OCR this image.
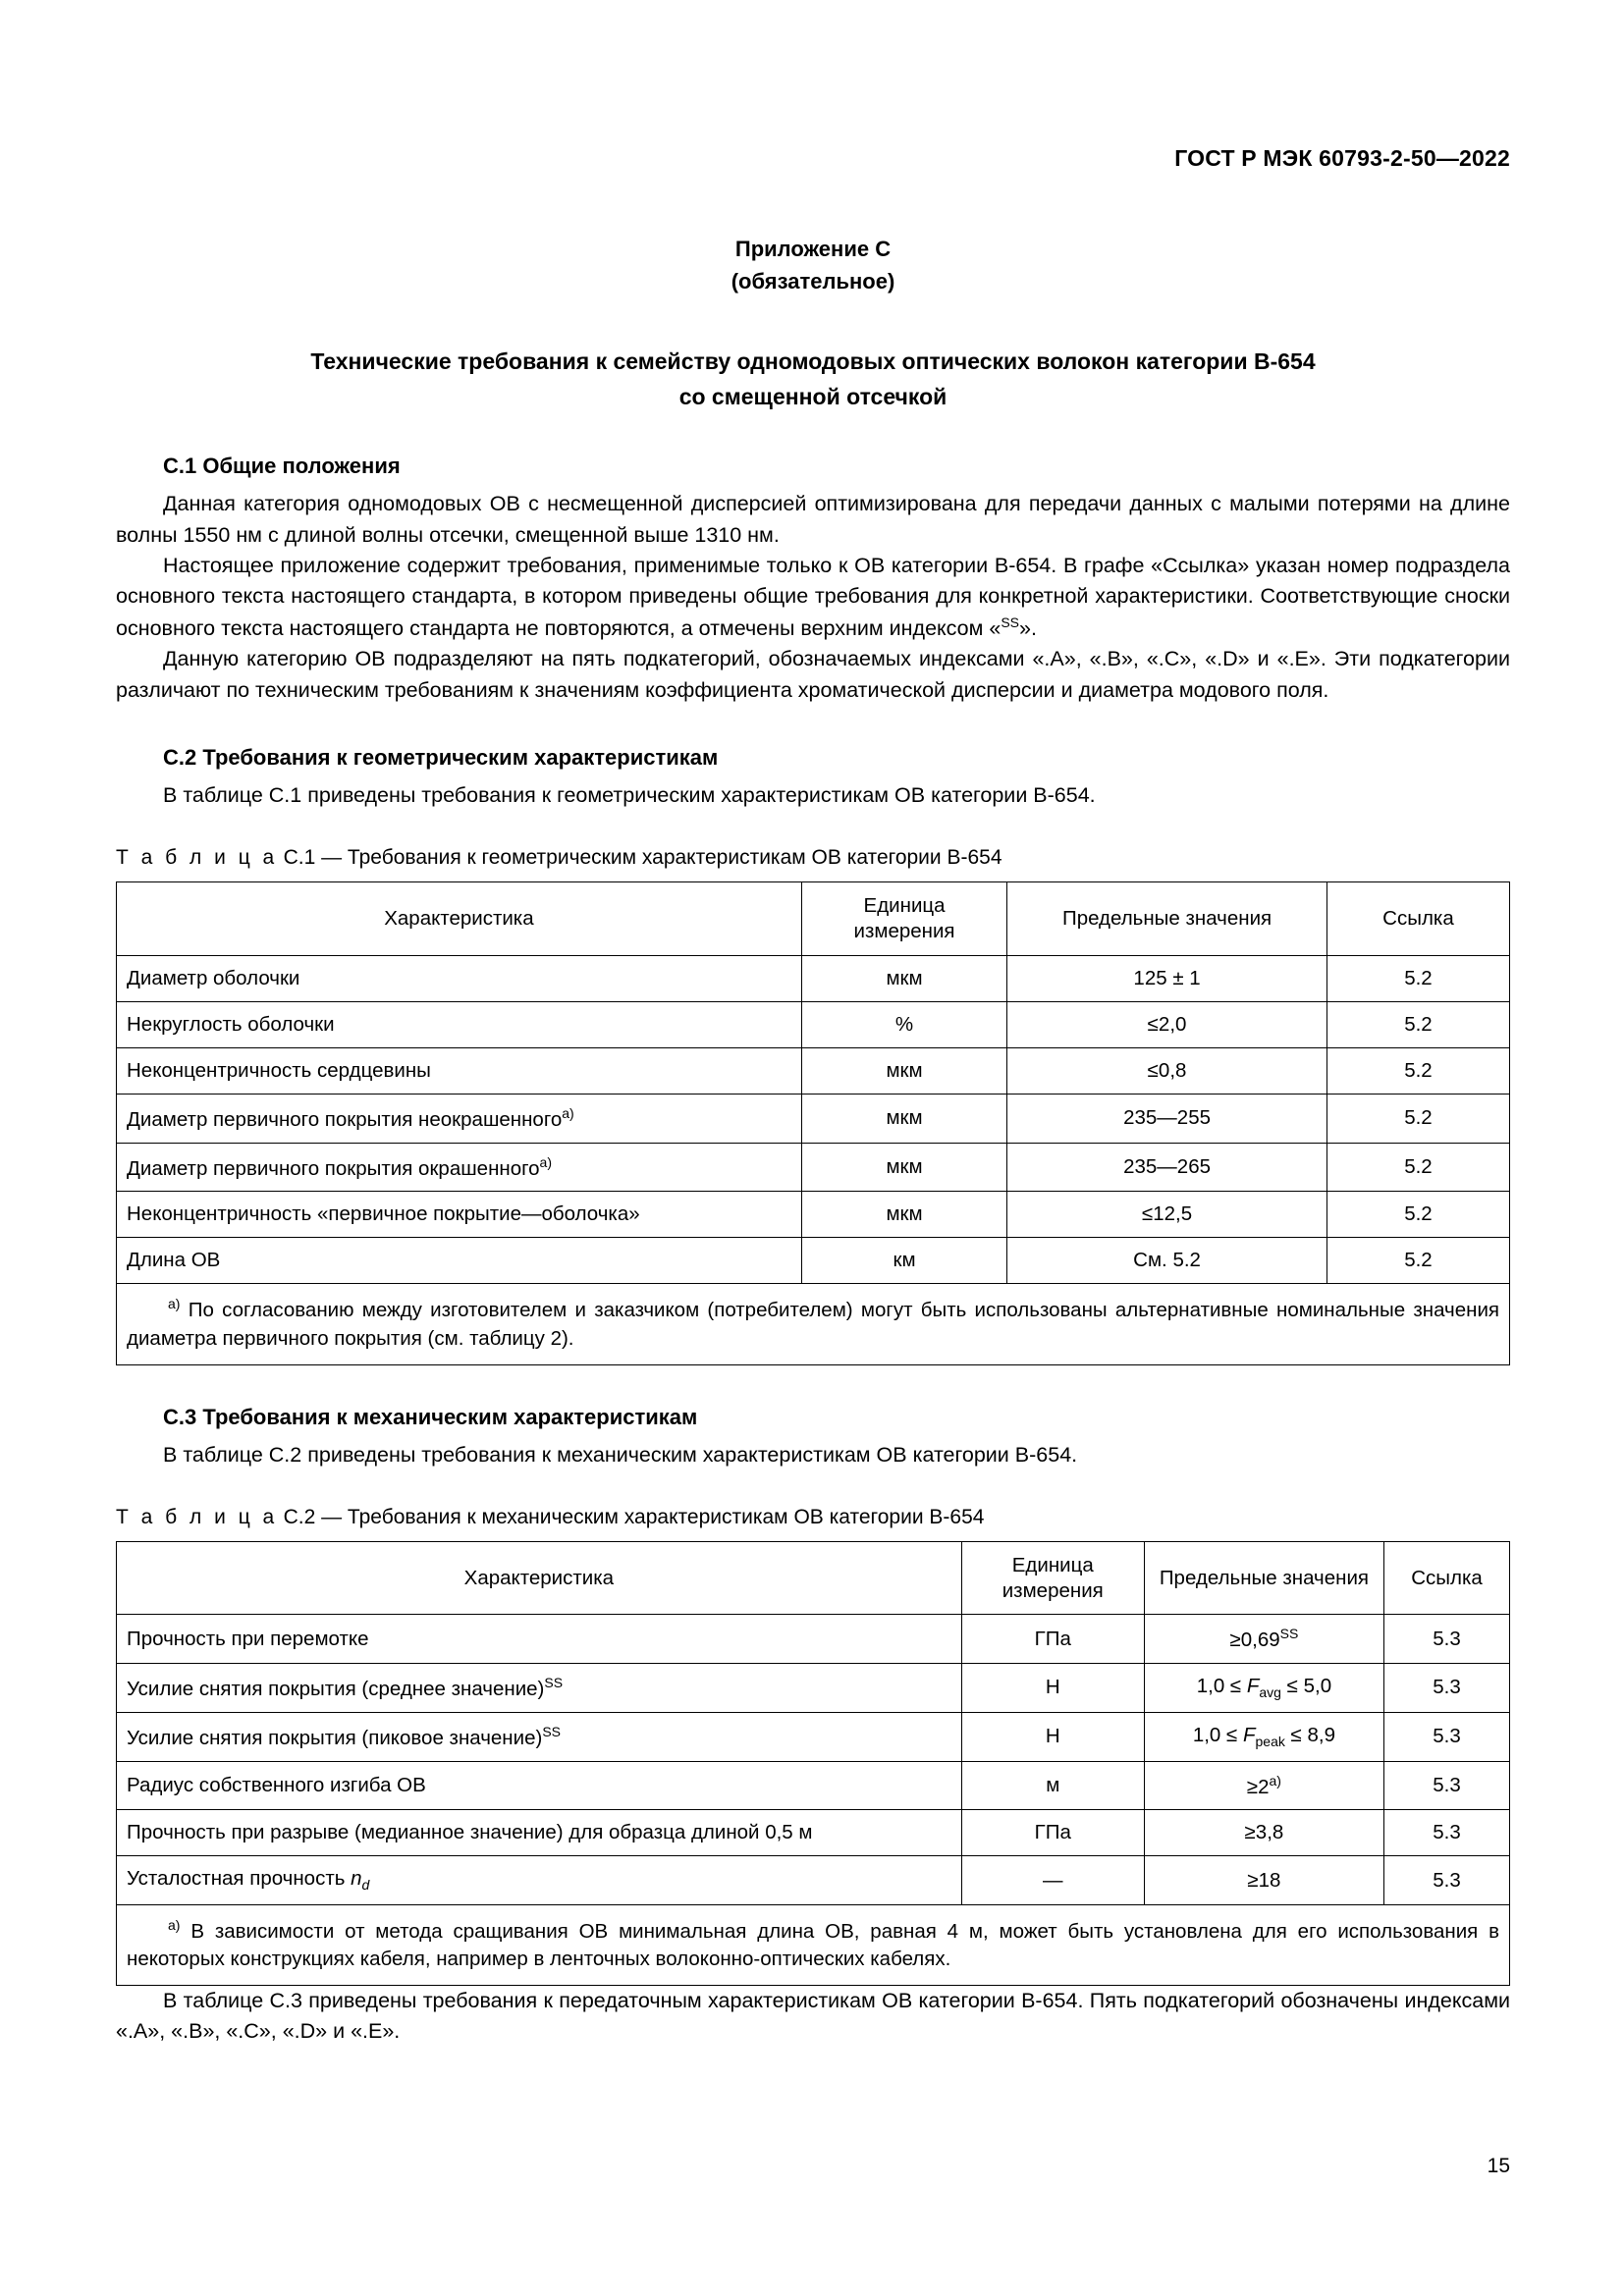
ГОСТ Р МЭК 60793-2-50—2022
Приложение С
(обязательное)
Технические требования к семейству одномодовых оптических волокон категории В-654
со смещенной отсечкой
С.1 Общие положения

Данная категория одномодовых ОВ с несмещенной дисперсией оптимизирована для передачи данных с малыми потерями на длине волны 1550 нм с длиной волны отсечки, смещенной выше 1310 нм.

Настоящее приложение содержит требования, применимые только к ОВ категории В-654. В графе «Ссылка» указан номер подраздела основного текста настоящего стандарта, в котором приведены общие требования для конкретной характеристики. Соответствующие сноски основного текста настоящего стандарта не повторяются, а отмечены верхним индексом «$^{SS}$».

Данную категорию ОВ подразделяют на пять подкатегорий, обозначаемых индексами «.А», «.В», «.С», «.D» и «.Е». Эти подкатегории различают по техническим требованиям к значениям коэффициента хроматической дисперсии и диаметра модового поля.

С.2 Требования к геометрическим характеристикам

В таблице С.1 приведены требования к геометрическим характеристикам ОВ категории В-654.

Т а б л и ц а С.1 — Требования к геометрическим характеристикам ОВ категории В-654
Характеристика	Единица измерения	Предельные значения	Ссылка
Диаметр оболочки	мкм	125 ± 1	5.2
Некруглость оболочки	%	≤2,0	5.2
Неконцентричность сердцевины	мкм	≤0,8	5.2
Диаметр первичного покрытия неокрашенного$^{а)}$	мкм	235—255	5.2
Диаметр первичного покрытия окрашенного$^{а)}$	мкм	235—265	5.2
Неконцентричность «первичное покрытие—оболочка»	мкм	≤12,5	5.2
Длина ОВ	км	См. 5.2	5.2
$^{а)}$ По согласованию между изготовителем и заказчиком (потребителем) могут быть использованы альтернативные номинальные значения диаметра первичного покрытия (см. таблицу 2).			
С.3 Требования к механическим характеристикам

В таблице С.2 приведены требования к механическим характеристикам ОВ категории В-654.

Т а б л и ц а С.2 — Требования к механическим характеристикам ОВ категории В-654
Характеристика	Единица измерения	Предельные значения	Ссылка
Прочность при перемотке	ГПа	$\ge 0,69^{SS}$	5.3
Усилие снятия покрытия (среднее значение)$^{SS}$	Н	$1,0 \le F_{avg} \le 5,0$	5.3
Усилие снятия покрытия (пиковое значение)$^{SS}$	Н	$1,0 \le F_{peak} \le 8,9$	5.3
Радиус собственного изгиба ОВ	м	$\ge 2^{а)}$	5.3
Прочность при разрыве (медианное значение) для образца длиной 0,5 м	ГПа	≥3,8	5.3
Усталостная прочность $n_d$	—	≥18	5.3
$^{а)}$ В зависимости от метода сращивания ОВ минимальная длина ОВ, равная 4 м, может быть установлена для его использования в некоторых конструкциях кабеля, например в ленточных волоконно-оптических кабелях.			

В таблице С.3 приведены требования к передаточным характеристикам ОВ категории В-654. Пять подкатегорий обозначены индексами «.А», «.В», «.С», «.D» и «.Е».

15
